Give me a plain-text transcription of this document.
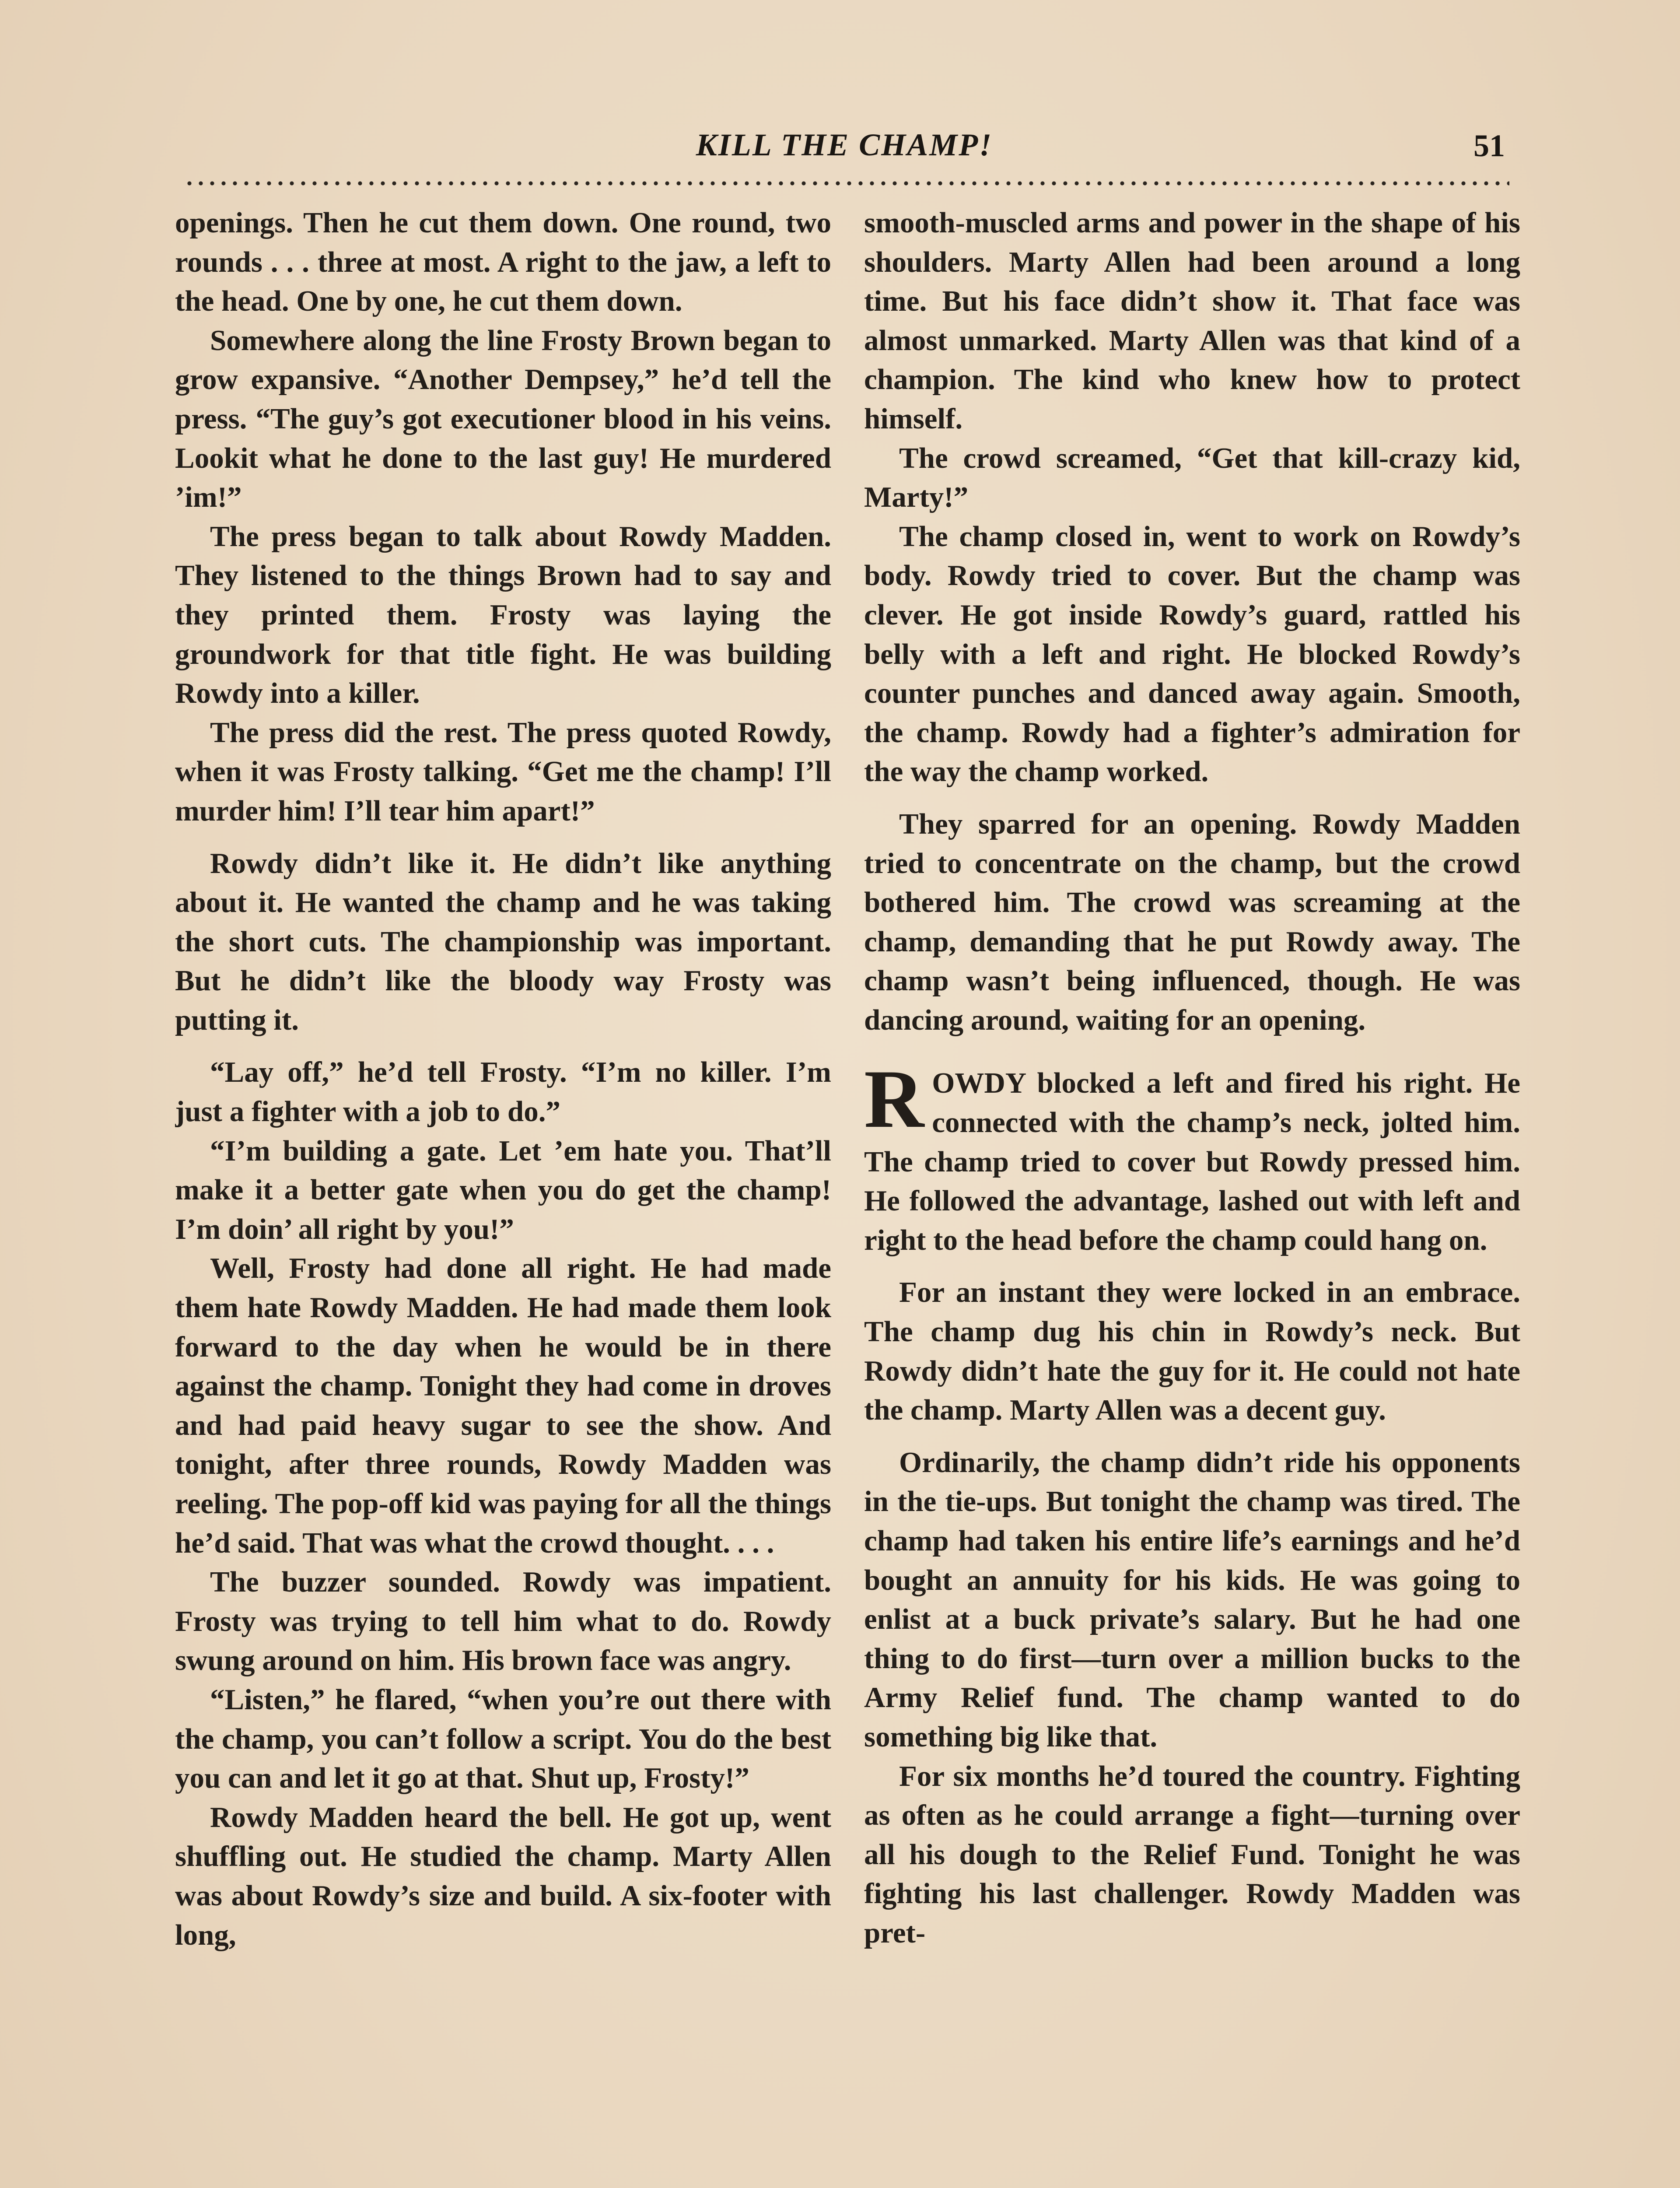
KILL THE CHAMP!	51

openings. Then he cut them down. One round, two rounds . . . three at most. A right to the jaw, a left to the head. One by one, he cut them down.

Somewhere along the line Frosty Brown began to grow expansive. “Another Dempsey,” he’d tell the press. “The guy’s got executioner blood in his veins. Lookit what he done to the last guy! He murdered ’im!”

The press began to talk about Rowdy Madden. They listened to the things Brown had to say and they printed them. Frosty was laying the groundwork for that title fight. He was building Rowdy into a killer.

The press did the rest. The press quoted Rowdy, when it was Frosty talking. “Get me the champ! I’ll murder him! I’ll tear him apart!”

Rowdy didn’t like it. He didn’t like anything about it. He wanted the champ and he was taking the short cuts. The championship was important. But he didn’t like the bloody way Frosty was putting it.

“Lay off,” he’d tell Frosty. “I’m no killer. I’m just a fighter with a job to do.”

“I’m building a gate. Let ’em hate you. That’ll make it a better gate when you do get the champ! I’m doin’ all right by you!”

Well, Frosty had done all right. He had made them hate Rowdy Madden. He had made them look forward to the day when he would be in there against the champ. Tonight they had come in droves and had paid heavy sugar to see the show. And tonight, after three rounds, Rowdy Madden was reeling. The pop-off kid was paying for all the things he’d said. That was what the crowd thought. . . .

The buzzer sounded. Rowdy was impatient. Frosty was trying to tell him what to do. Rowdy swung around on him. His brown face was angry.

“Listen,” he flared, “when you’re out there with the champ, you can’t follow a script. You do the best you can and let it go at that. Shut up, Frosty!”

Rowdy Madden heard the bell. He got up, went shuffling out. He studied the champ. Marty Allen was about Rowdy’s size and build. A six-footer with long,

smooth-muscled arms and power in the shape of his shoulders. Marty Allen had been around a long time. But his face didn’t show it. That face was almost unmarked. Marty Allen was that kind of a champion. The kind who knew how to protect himself.

The crowd screamed, “Get that kill-crazy kid, Marty!”

The champ closed in, went to work on Rowdy’s body. Rowdy tried to cover. But the champ was clever. He got inside Rowdy’s guard, rattled his belly with a left and right. He blocked Rowdy’s counter punches and danced away again. Smooth, the champ. Rowdy had a fighter’s admiration for the way the champ worked.

They sparred for an opening. Rowdy Madden tried to concentrate on the champ, but the crowd bothered him. The crowd was screaming at the champ, demanding that he put Rowdy away. The champ wasn’t being influenced, though. He was dancing around, waiting for an opening.

ROWDY blocked a left and fired his right. He connected with the champ’s neck, jolted him. The champ tried to cover but Rowdy pressed him. He followed the advantage, lashed out with left and right to the head before the champ could hang on.

For an instant they were locked in an embrace. The champ dug his chin in Rowdy’s neck. But Rowdy didn’t hate the guy for it. He could not hate the champ. Marty Allen was a decent guy.

Ordinarily, the champ didn’t ride his opponents in the tie-ups. But tonight the champ was tired. The champ had taken his entire life’s earnings and he’d bought an annuity for his kids. He was going to enlist at a buck private’s salary. But he had one thing to do first—turn over a million bucks to the Army Relief fund. The champ wanted to do something big like that.

For six months he’d toured the country. Fighting as often as he could arrange a fight—turning over all his dough to the Relief Fund. Tonight he was fighting his last challenger. Rowdy Madden was pret-
